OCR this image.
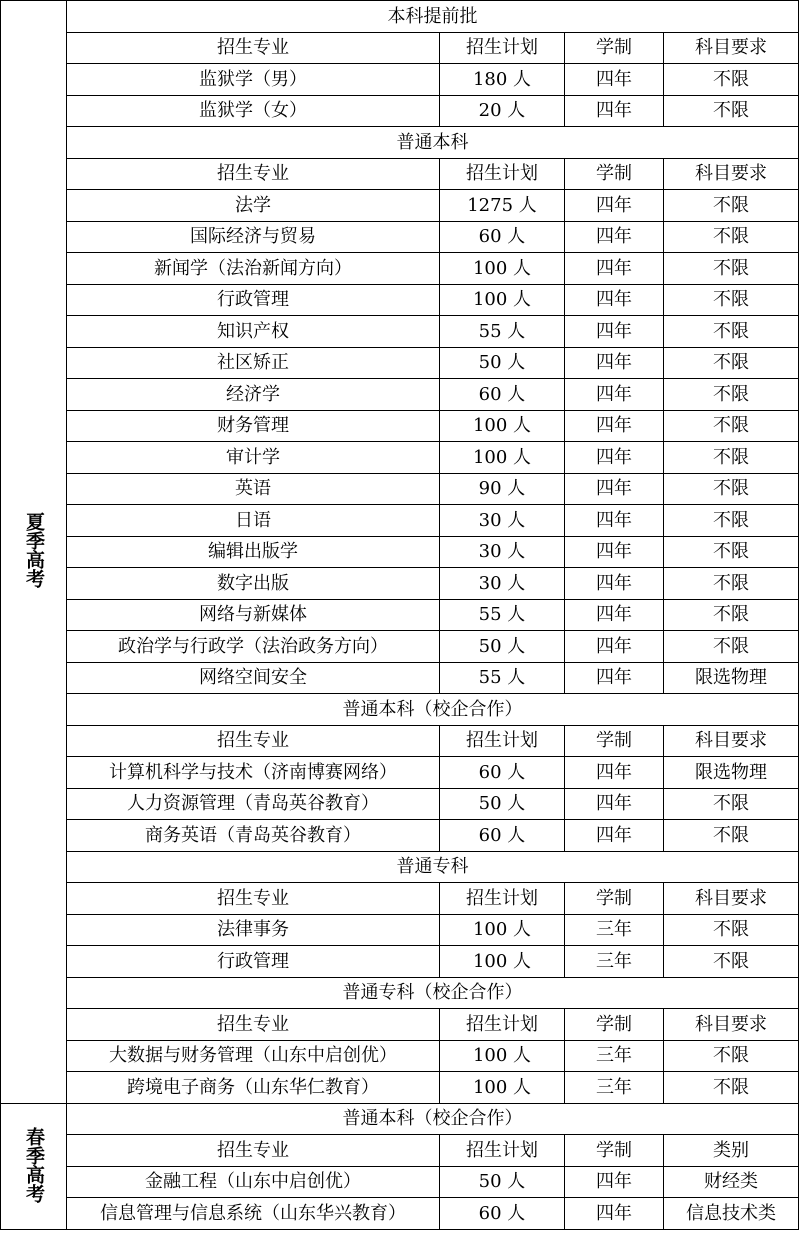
夏季高考	本科提前批			
	招生专业	招生计划	学制	科目要求
	监狱学（男）	180 人	四年	不限
	监狱学（女）	20 人	四年	不限
	普通本科			
	招生专业	招生计划	学制	科目要求
	法学	1275 人	四年	不限
	国际经济与贸易	60 人	四年	不限
	新闻学（法治新闻方向）	100 人	四年	不限
	行政管理	100 人	四年	不限
	知识产权	55 人	四年	不限
	社区矫正	50 人	四年	不限
	经济学	60 人	四年	不限
	财务管理	100 人	四年	不限
	审计学	100 人	四年	不限
	英语	90 人	四年	不限
	日语	30 人	四年	不限
	编辑出版学	30 人	四年	不限
	数字出版	30 人	四年	不限
	网络与新媒体	55 人	四年	不限
	政治学与行政学（法治政务方向）	50 人	四年	不限
	网络空间安全	55 人	四年	限选物理
	普通本科（校企合作）			
	招生专业	招生计划	学制	科目要求
	计算机科学与技术（济南博赛网络）	60 人	四年	限选物理
	人力资源管理（青岛英谷教育）	50 人	四年	不限
	商务英语（青岛英谷教育）	60 人	四年	不限
	普通专科			
	招生专业	招生计划	学制	科目要求
	法律事务	100 人	三年	不限
	行政管理	100 人	三年	不限
	普通专科（校企合作）			
	招生专业	招生计划	学制	科目要求
	大数据与财务管理（山东中启创优）	100 人	三年	不限
	跨境电子商务（山东华仁教育）	100 人	三年	不限
春季高考	普通本科（校企合作）			
	招生专业	招生计划	学制	类别
	金融工程（山东中启创优）	50 人	四年	财经类
	信息管理与信息系统（山东华兴教育）	60 人	四年	信息技术类
